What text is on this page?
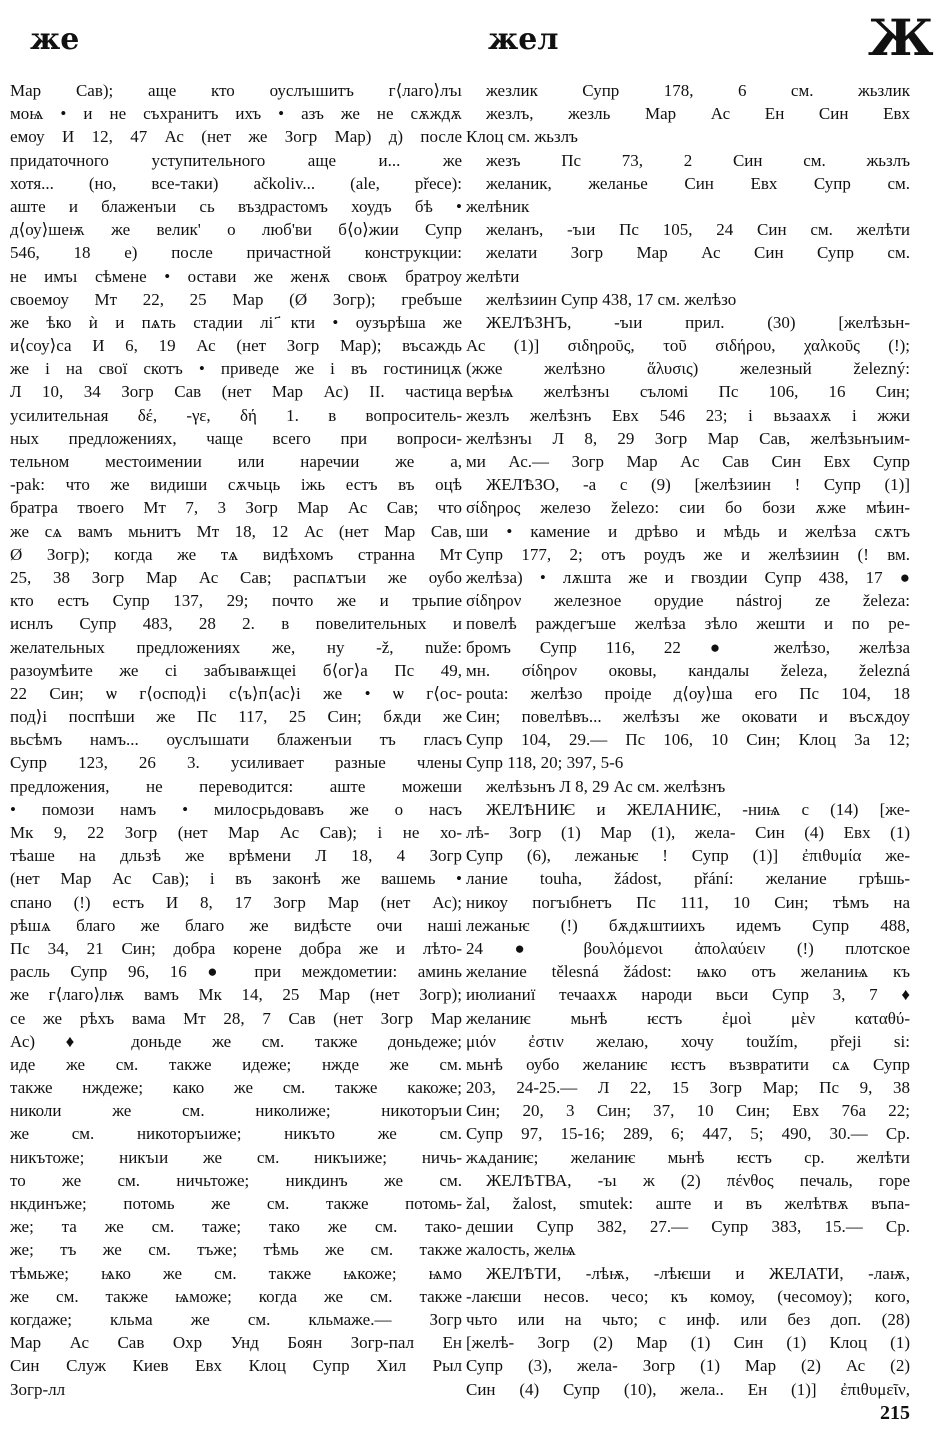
же	жел	Ж
Мар Сав); аще кто оуслъıшитъ г⟨лаго⟩лъı
моѩ • и не съхранитъ ихъ • азъ же не сѫждѫ
емоу И 12, 47 Ас (нет же Зогр Мар) д) после
придаточного уступительного аще и... же
хотя... (но, все-таки) ačkoliv... (ale, přece):
аште и блаженъıи сь въздрастомъ хоудъ бѣ •
д⟨оу⟩шеѭ же велик' о люб'ви б⟨о⟩жии Супр
546, 18 е) после причастной конструкции:
не имъı сѣмене • остави же женѫ своѭ братроу
своемоу Мт 22, 25 Мар (Ø Зогр); гребъше
же ѣко ѝ и пѧть стадии лі ҃кти • оузърѣша же
и⟨соу⟩са И 6, 19 Ас (нет Зогр Мар); въсаждь
же і на свої скотъ • приведе же і въ гостиницѫ
Л 10, 34 Зогр Сав (нет Мар Ас) II. частица
усилительная δέ, -γε, δή 1. в вопроситель-
ных предложениях, чаще всего при вопроси-
тельном местоимении или наречии же а,
-pak: что же видиши сѫчьць іжь естъ въ оцѣ
братра твоего Мт 7, 3 Зогр Мар Ас Сав; что
же сѧ вамъ мьнитъ Мт 18, 12 Ас (нет Мар Сав,
Ø Зогр); когда же тѧ видѣхомъ странна Мт
25, 38 Зогр Мар Ас Сав; распѧтъıи же оубо
кто естъ Супр 137, 29; почто же и трьпие
иснлъ Супр 483, 28 2. в повелительных и
желательных предложениях же, ну -ž, nuže:
разоумѣите же сі забъıваѭщеі б⟨ог⟩а Пс 49,
22 Син; ѡ г⟨оспод⟩і с⟨ъ⟩п⟨ас⟩і же • ѡ г⟨ос-
под⟩і поспѣши же Пс 117, 25 Син; бѫди же
вьсѣмъ намъ... оуслъıшати блаженъıи тъ гласъ
Супр 123, 26 3. усиливает разные члены
предложения, не переводится: аште можеши
• помози намъ • милосрьдовавъ же о насъ
Мк 9, 22 Зогр (нет Мар Ас Сав); і не хо-
тѣаше на дльзѣ же врѣмени Л 18, 4 Зогр
(нет Мар Ас Сав); і въ законѣ же вашемь •
спано (!) естъ И 8, 17 Зогр Мар (нет Ас);
рѣшѧ благо же благо же видѣсте очи наші
Пс 34, 21 Син; добра корене добра же и лѣто-
расль Супр 96, 16 ● при междометии: аминь
же г⟨лаго⟩лѭ вамъ Мк 14, 25 Мар (нет Зогр);
се же рѣхъ вама Мт 28, 7 Сав (нет Зогр Мар
Ас) ♦ доньде же см. также доньдеже;
иде же см. также идеже; нжде же см.
также нждеже; како же см. также какоже;
николи же см. николиже; никоторъıи
же см. никоторъıиже; никъто же см.
никътоже; никъıи же см. никъıиже; ничь-
то же см. ничьтоже; никдинъ же см.
нкдинъже; потомь же см. также потомь-
же; та же см. таже; тако же см. тако-
же; тъ же см. тъже; тѣмь же см. также
тѣмьже; ѩко же см. также ѩкоже; ѩмо
же см. также ѩможе; когда же см. также
когдаже; кльма же см. кльмаже.— Зогр
Мар Ас Сав Охр Унд Боян Зогр-пал Ен
Син Служ Киев Евх Клоц Супр Хил Рыл
Зогр-лл
жезлик Супр 178, 6 см. жьзлик
жезлъ, жезль Мар Ас Ен Син Евх
Клоц см. жьзлъ
жезъ Пс 73, 2 Син см. жьзлъ
желаник, желанье Син Евх Супр см.
желѣник
желанъ, -ъıи Пс 105, 24 Син см. желѣти
желати Зогр Мар Ас Син Супр см.
желѣти
желѣзиин Супр 438, 17 см. желѣзо
ЖЕЛѢЗНЪ, -ъıи прил. (30) [желѣзьн-
Ас (1)] σιδηροῦς, τοῦ σιδήρου, χαλκοῦς (!);
(жже желѣзно ἅλυσις) железный železný:
верѣѩ желѣзнъı съломі Пс 106, 16 Син;
жезлъ желѣзнъ Евх 546 23; і вьзаахѫ і жжи
желѣзнъı Л 8, 29 Зогр Мар Сав, желѣзьнъıим-
ми Ас.— Зогр Мар Ас Сав Син Евх Супр
ЖЕЛѢЗО, -а с (9) [желѣзиин ! Супр (1)]
σίδηρος железо železo: сии бо бози ѫже мѣин-
ши • камение и дрѣво и мѣдь и желѣза сѫтъ
Супр 177, 2; отъ роудъ же и желѣзиин (! вм.
желѣза) • лѫшта же и гвоздии Супр 438, 17 ●
σίδηρον железное орудие nástroj ze železa:
повелѣ раждегъше желѣза зѣло жешти и по ре-
бромъ Супр 116, 22 ● желѣзо, желѣза
мн. σίδηρον оковы, кандалы železa, železná
pouta: желѣзо проіде д⟨оу⟩ша его Пс 104, 18
Син; повелѣвъ... желѣзъı же оковати и въсѫдоу
Супр 104, 29.— Пс 106, 10 Син; Клоц 3а 12;
Супр 118, 20; 397, 5-6
желѣзьнъ Л 8, 29 Ас см. желѣзнъ
ЖЕЛѢНИѤ и ЖЕЛАНИѤ, -ниѩ с (14) [же-
лѣ- Зогр (1) Мар (1), жела- Син (4) Евх (1)
Супр (6), лежаньѥ ! Супр (1)] ἐπιθυμία же-
лание touha, žádost, přání: желание грѣшь-
никоу погъıбнетъ Пс 111, 10 Син; тѣмъ на
лежаньѥ (!) бѫдѫштиихъ идемъ Супр 488,
24 ● βουλόμενοι ἀπολαύειν (!) плотское
желание tělesná žádost: ѩко отъ желаниѩ къ
июлианиї течаахѫ народи вьси Супр 3, 7 ♦
желаниѥ мьнѣ ѥстъ ἐμοὶ μὲν καταθύ-
μιόν ἐστιν желаю, хочу toužím, přeji si:
мьнѣ оубо желаниѥ ѥстъ възвратити сѧ Супр
203, 24-25.— Л 22, 15 Зогр Мар; Пс 9, 38
Син; 20, 3 Син; 37, 10 Син; Евх 76а 22;
Супр 97, 15-16; 289, 6; 447, 5; 490, 30.— Ср.
жѧданиѥ; желаниѥ мьнѣ ѥстъ ср. желѣти
ЖЕЛѢТВА, -ъı ж (2) πένθος печаль, горе
žal, žalost, smutek: аште и въ желѣтвѫ въпа-
дешии Супр 382, 27.— Супр 383, 15.— Ср.
жалость, желѩ
ЖЕЛѢТИ, -лѣѭ, -лѣѥши и ЖЕЛАТИ, -лаѭ,
-лаѥши несов. чесо; къ комоу, (чесомоу); кого,
чьто или на чьто; с инф. или без доп. (28)
[желѣ- Зогр (2) Мар (1) Син (1) Клоц (1)
Супр (3), жела- Зогр (1) Мар (2) Ас (2)
Син (4) Супр (10), жела.. Ен (1)] ἐπιθυμεῖν,
215
